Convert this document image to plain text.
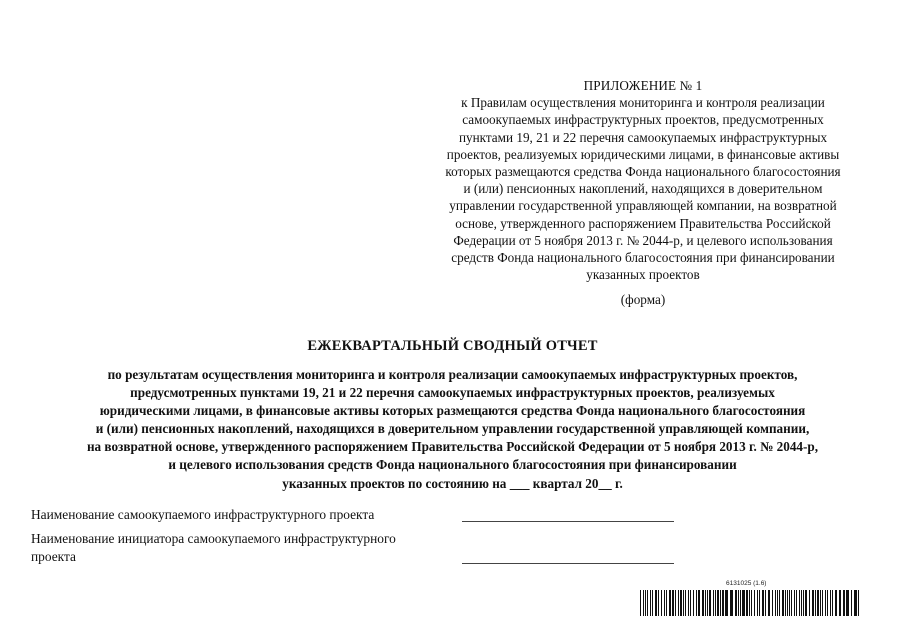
ПРИЛОЖЕНИЕ № 1
к Правилам осуществления мониторинга и контроля реализации
самоокупаемых инфраструктурных проектов, предусмотренных
пунктами 19, 21 и 22 перечня самоокупаемых инфраструктурных
проектов, реализуемых юридическими лицами, в финансовые активы
которых размещаются средства Фонда национального благосостояния
и (или) пенсионных накоплений, находящихся в доверительном
управлении государственной управляющей компании, на возвратной
основе, утвержденного распоряжением Правительства Российской
Федерации от 5 ноября 2013 г. № 2044-р, и целевого использования
средств Фонда национального благосостояния при финансировании
указанных проектов
(форма)
ЕЖЕКВАРТАЛЬНЫЙ СВОДНЫЙ ОТЧЕТ
по результатам осуществления мониторинга и контроля реализации самоокупаемых инфраструктурных проектов,
предусмотренных пунктами 19, 21 и 22 перечня самоокупаемых инфраструктурных проектов, реализуемых
юридическими лицами, в финансовые активы которых размещаются средства Фонда национального благосостояния
и (или) пенсионных накоплений, находящихся в доверительном управлении государственной управляющей компании,
на возвратной основе, утвержденного распоряжением Правительства Российской Федерации от 5 ноября 2013 г. № 2044-р,
и целевого использования средств Фонда национального благосостояния при финансировании
указанных проектов по состоянию на ___ квартал 20__ г.
Наименование самоокупаемого инфраструктурного проекта
Наименование инициатора самоокупаемого инфраструктурного
проекта
6131025 (1.6)
